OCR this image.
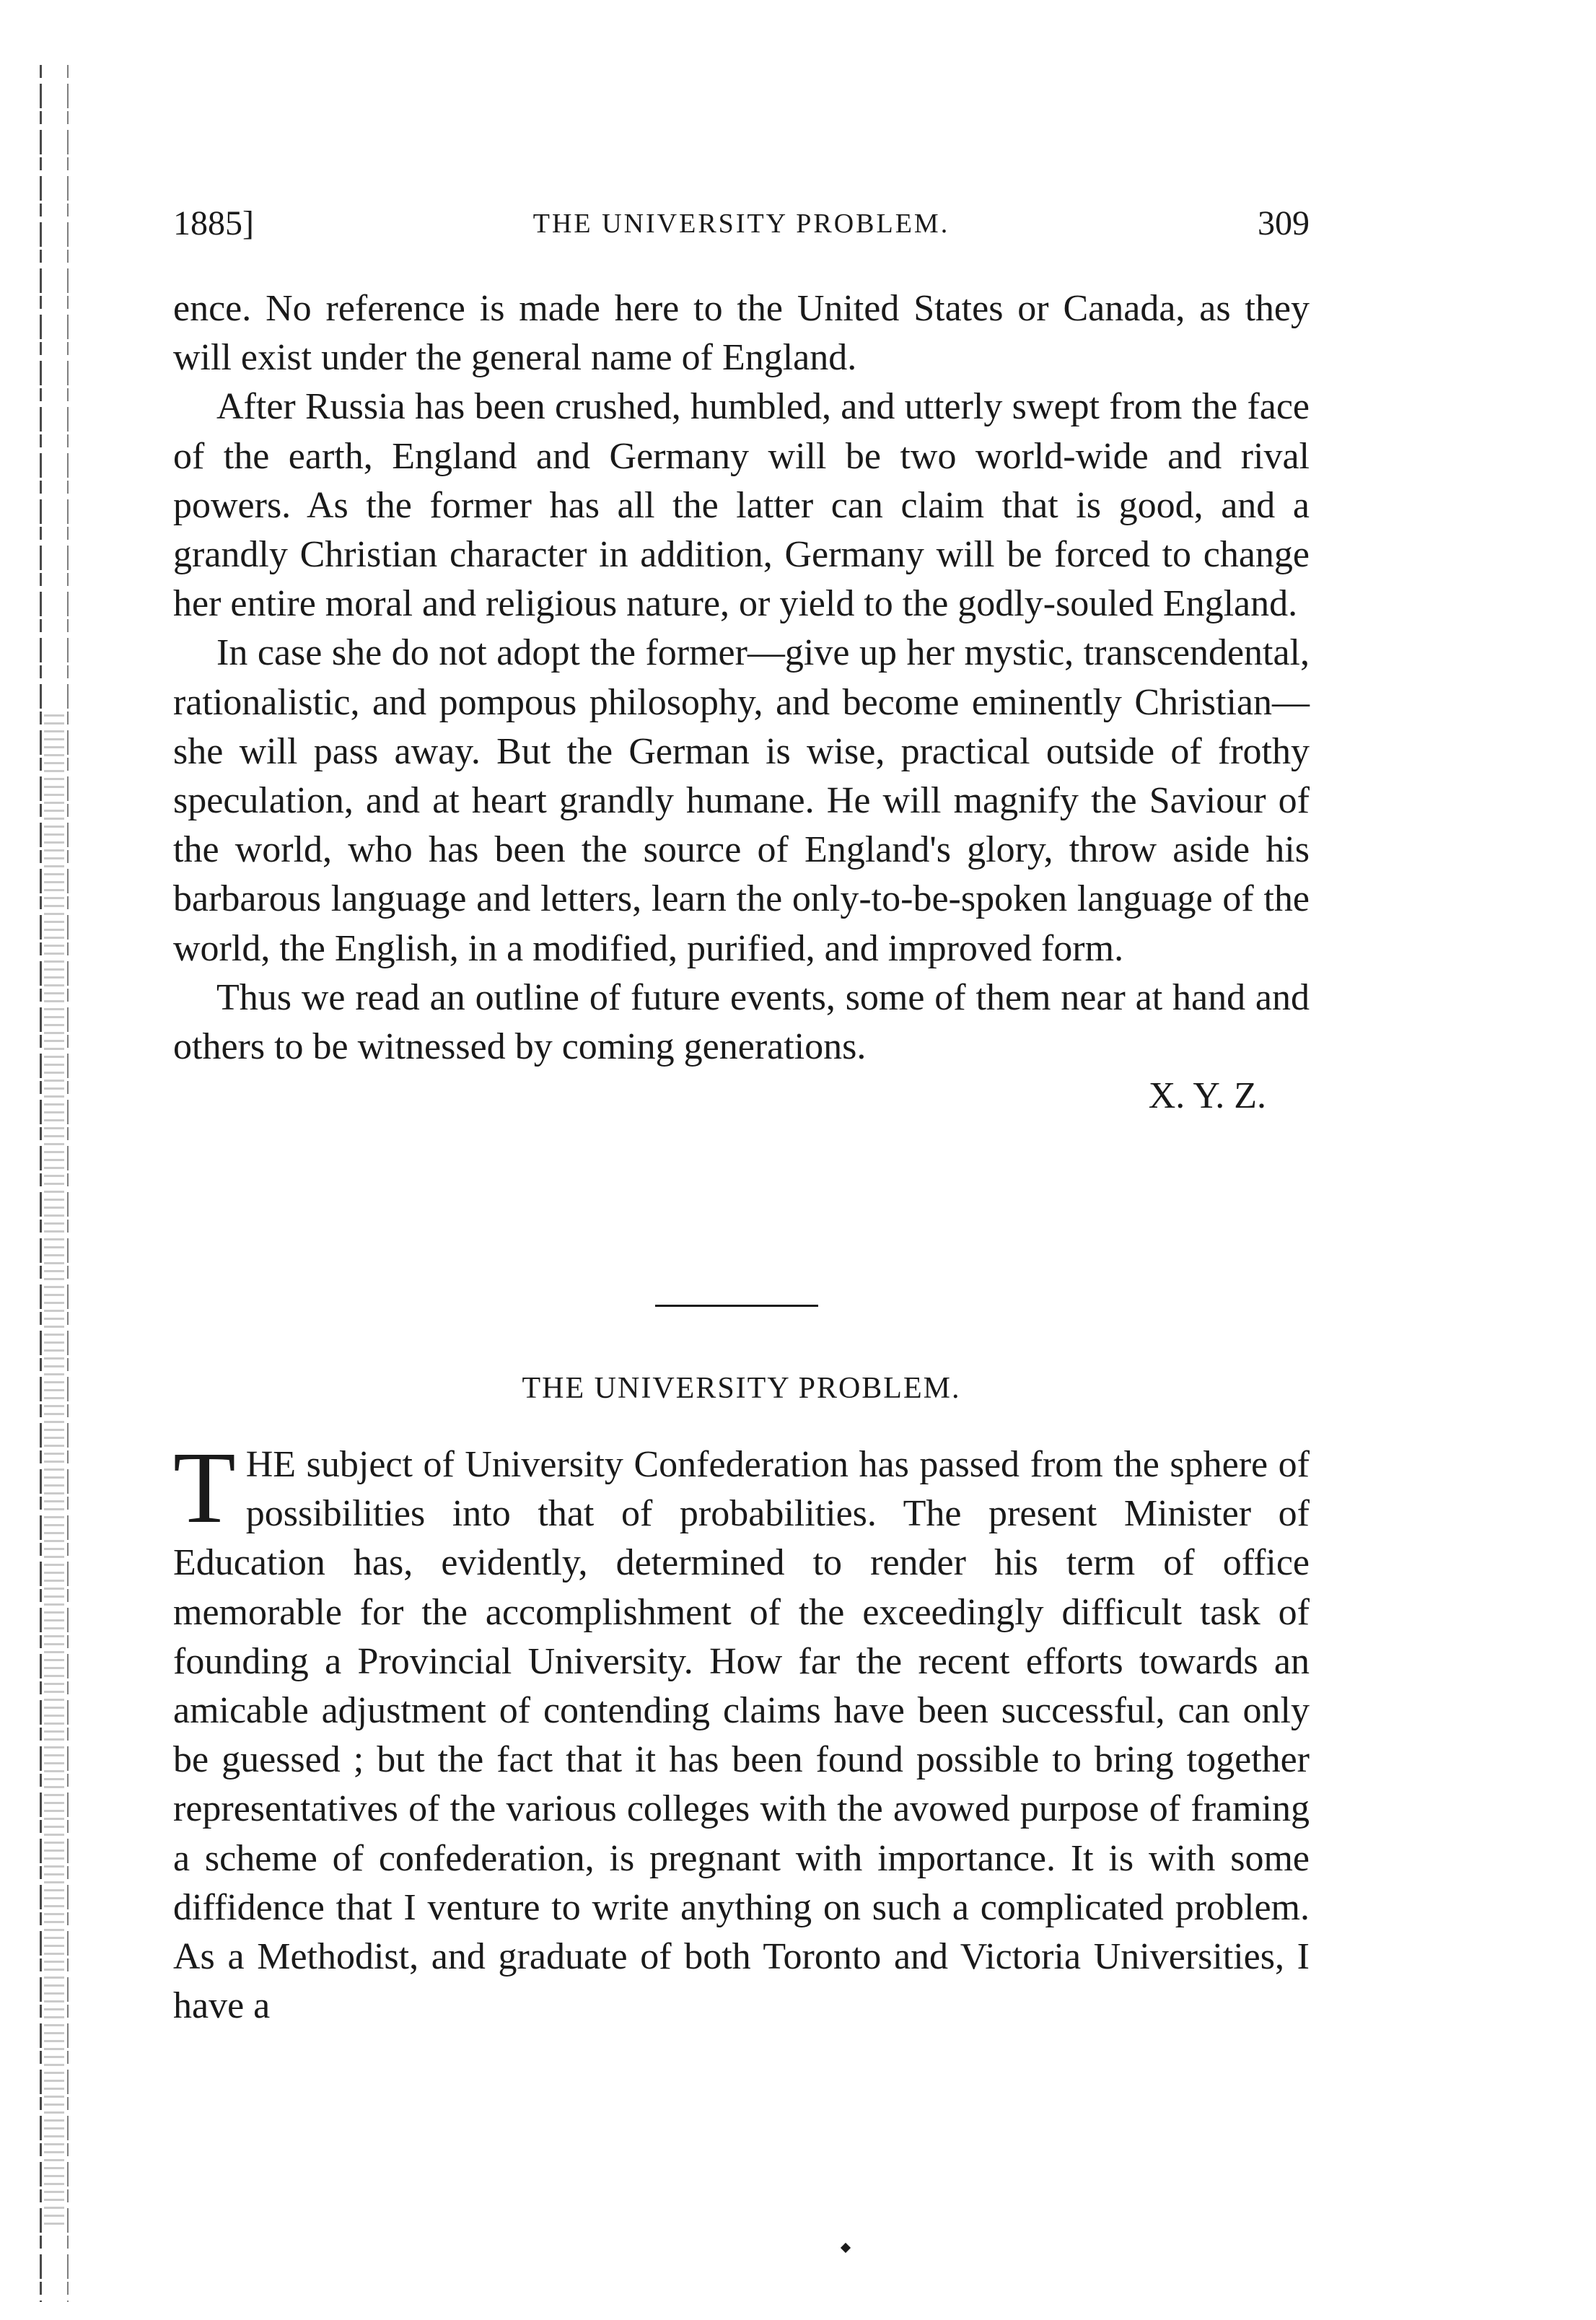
1885]	THE UNIVERSITY PROBLEM.	309

ence. No reference is made here to the United States or Canada, as they will exist under the general name of England.

After Russia has been crushed, humbled, and utterly swept from the face of the earth, England and Germany will be two world-wide and rival powers. As the former has all the latter can claim that is good, and a grandly Christian character in addition, Germany will be forced to change her entire moral and religious nature, or yield to the godly-souled England.

In case she do not adopt the former—give up her mystic, transcendental, rationalistic, and pompous philosophy, and become eminently Christian—she will pass away. But the German is wise, practical outside of frothy speculation, and at heart grandly humane. He will magnify the Saviour of the world, who has been the source of England's glory, throw aside his barbarous language and letters, learn the only-to-be-spoken language of the world, the English, in a modified, purified, and improved form.

Thus we read an outline of future events, some of them near at hand and others to be witnessed by coming generations.

X. Y. Z.

THE UNIVERSITY PROBLEM.

THE subject of University Confederation has passed from the sphere of possibilities into that of probabilities. The present Minister of Education has, evidently, determined to render his term of office memorable for the accomplishment of the exceedingly difficult task of founding a Provincial University. How far the recent efforts towards an amicable adjustment of contending claims have been successful, can only be guessed ; but the fact that it has been found possible to bring together representatives of the various colleges with the avowed purpose of framing a scheme of confederation, is pregnant with importance. It is with some diffidence that I venture to write anything on such a complicated problem. As a Methodist, and graduate of both Toronto and Victoria Universities, I have a
